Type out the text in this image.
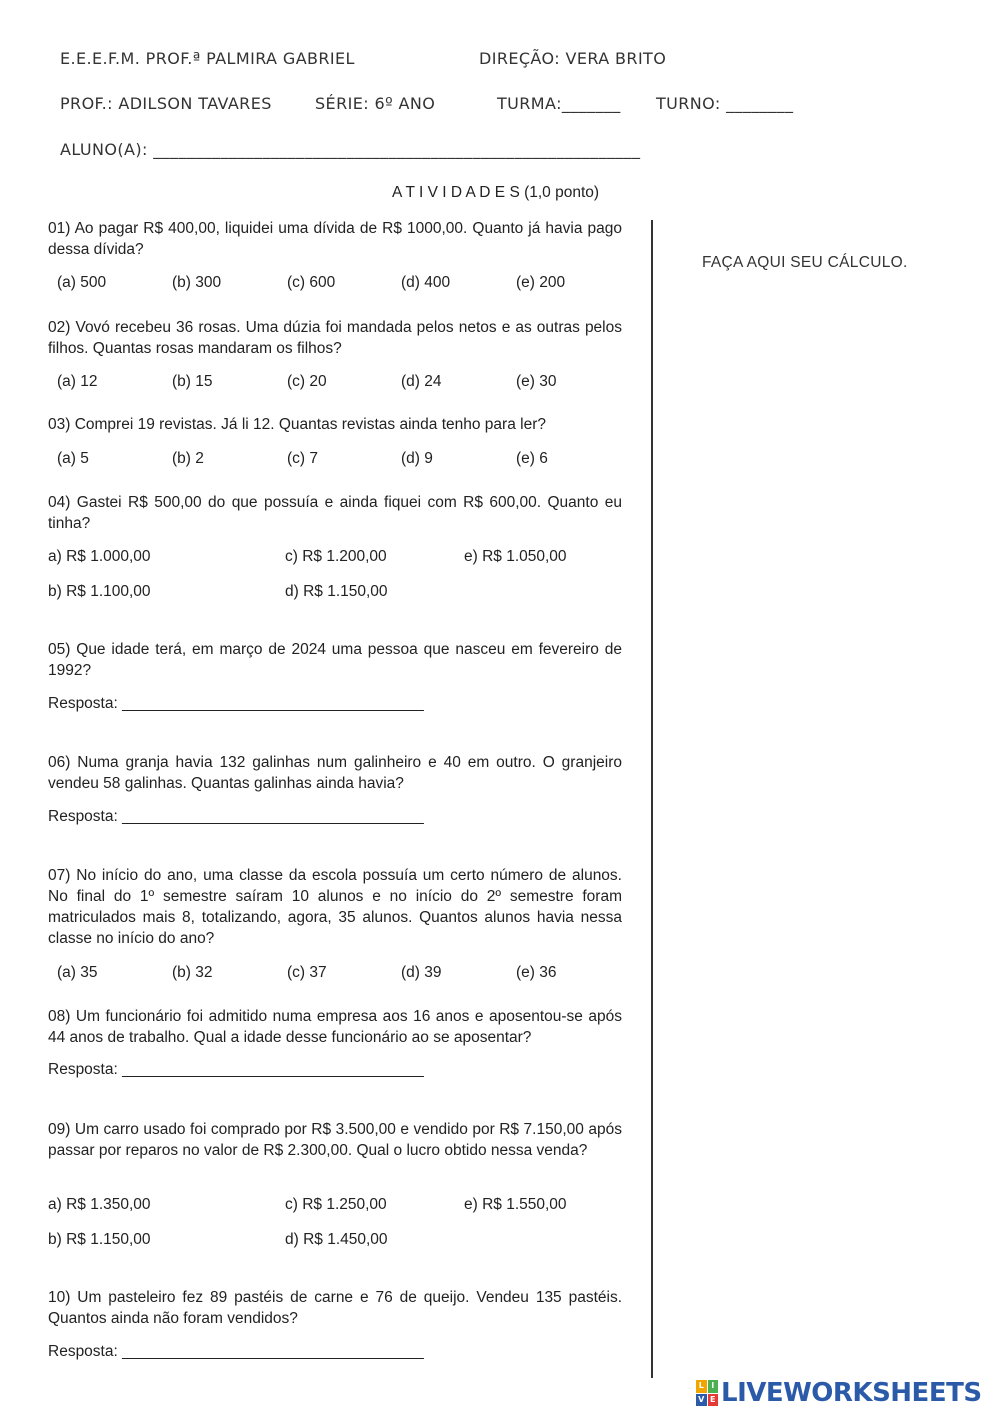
E.E.E.F.M. PROF.ª PALMIRA GABRIEL	DIREÇÃO: VERA BRITO
PROF.: ADILSON TAVARES	SÉRIE: 6º ANO	TURMA:_______ TURNO: ________
ALUNO(A): __________________________________________________________
A T I V I D A D E S (1,0 ponto)
FAÇA AQUI SEU CÁLCULO.
01) Ao pagar R$ 400,00, liquidei uma dívida de R$ 1000,00. Quanto já havia pago dessa dívida?
(a) 500	(b) 300	(c) 600	(d) 400	(e) 200
02) Vovó recebeu 36 rosas. Uma dúzia foi mandada pelos netos e as outras pelos filhos. Quantas rosas mandaram os filhos?
(a) 12	(b) 15	(c) 20	(d) 24	(e) 30
03) Comprei 19 revistas. Já li 12. Quantas revistas ainda tenho para ler?
(a) 5	(b) 2	(c) 7	(d) 9	(e) 6
04) Gastei R$ 500,00 do que possuía e ainda fiquei com R$ 600,00. Quanto eu tinha?
a) R$ 1.000,00	c) R$ 1.200,00	e) R$ 1.050,00
b) R$ 1.100,00	d) R$ 1.150,00
05) Que idade terá, em março de 2024 uma pessoa que nasceu em fevereiro de 1992?
Resposta: ___________________________________
06) Numa granja havia 132 galinhas num galinheiro e 40 em outro. O granjeiro vendeu 58 galinhas. Quantas galinhas ainda havia?
Resposta: ___________________________________
07) No início do ano, uma classe da escola possuía um certo número de alunos. No final do 1º semestre saíram 10 alunos e no início do 2º semestre foram matriculados mais 8, totalizando, agora, 35 alunos. Quantos alunos havia nessa classe no início do ano?
(a) 35	(b) 32	(c) 37	(d) 39	(e) 36
08) Um funcionário foi admitido numa empresa aos 16 anos e aposentou-se após 44 anos de trabalho. Qual a idade desse funcionário ao se aposentar?
Resposta: ___________________________________
09) Um carro usado foi comprado por R$ 3.500,00 e vendido por R$ 7.150,00 após passar por reparos no valor de R$ 2.300,00. Qual o lucro obtido nessa venda?
a) R$ 1.350,00	c) R$ 1.250,00	e) R$ 1.550,00
b) R$ 1.150,00	d) R$ 1.450,00
10) Um pasteleiro fez 89 pastéis de carne e 76 de queijo. Vendeu 135 pastéis. Quantos ainda não foram vendidos?
Resposta: ___________________________________
L I
V E LIVEWORKSHEETS
